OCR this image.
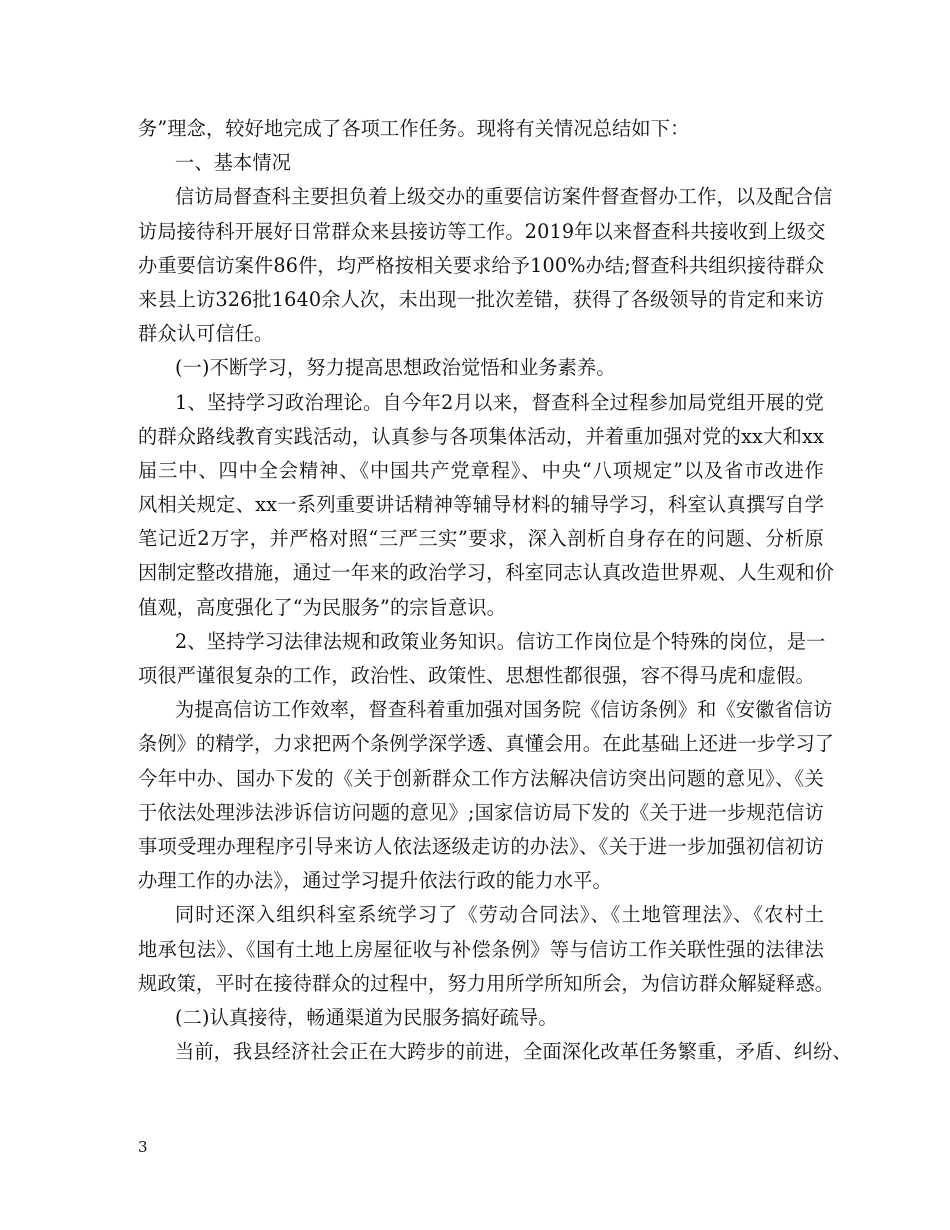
务”理念，较好地完成了各项工作任务。现将有关情况总结如下：
一、基本情况
信访局督查科主要担负着上级交办的重要信访案件督查督办工作，以及配合信
访局接待科开展好日常群众来县接访等工作。2019年以来督查科共接收到上级交
办重要信访案件86件，均严格按相关要求给予100%办结;督查科共组织接待群众
来县上访326批1640余人次，未出现一批次差错，获得了各级领导的肯定和来访
群众认可信任。
(一)不断学习，努力提高思想政治觉悟和业务素养。
1、坚持学习政治理论。自今年2月以来，督查科全过程参加局党组开展的党
的群众路线教育实践活动，认真参与各项集体活动，并着重加强对党的xx大和xx
届三中、四中全会精神、《中国共产党章程》、中央“八项规定”以及省市改进作
风相关规定、xx一系列重要讲话精神等辅导材料的辅导学习，科室认真撰写自学
笔记近2万字，并严格对照“三严三实”要求，深入剖析自身存在的问题、分析原
因制定整改措施，通过一年来的政治学习，科室同志认真改造世界观、人生观和价
值观，高度强化了“为民服务”的宗旨意识。
2、坚持学习法律法规和政策业务知识。信访工作岗位是个特殊的岗位，是一
项很严谨很复杂的工作，政治性、政策性、思想性都很强，容不得马虎和虚假。
为提高信访工作效率，督查科着重加强对国务院《信访条例》和《安徽省信访
条例》的精学，力求把两个条例学深学透、真懂会用。在此基础上还进一步学习了
今年中办、国办下发的《关于创新群众工作方法解决信访突出问题的意见》、《关
于依法处理涉法涉诉信访问题的意见》;国家信访局下发的《关于进一步规范信访
事项受理办理程序引导来访人依法逐级走访的办法》、《关于进一步加强初信初访
办理工作的办法》，通过学习提升依法行政的能力水平。
同时还深入组织科室系统学习了《劳动合同法》、《土地管理法》、《农村土
地承包法》、《国有土地上房屋征收与补偿条例》等与信访工作关联性强的法律法
规政策，平时在接待群众的过程中，努力用所学所知所会，为信访群众解疑释惑。
(二)认真接待，畅通渠道为民服务搞好疏导。
当前，我县经济社会正在大跨步的前进，全面深化改革任务繁重，矛盾、纠纷、
3
